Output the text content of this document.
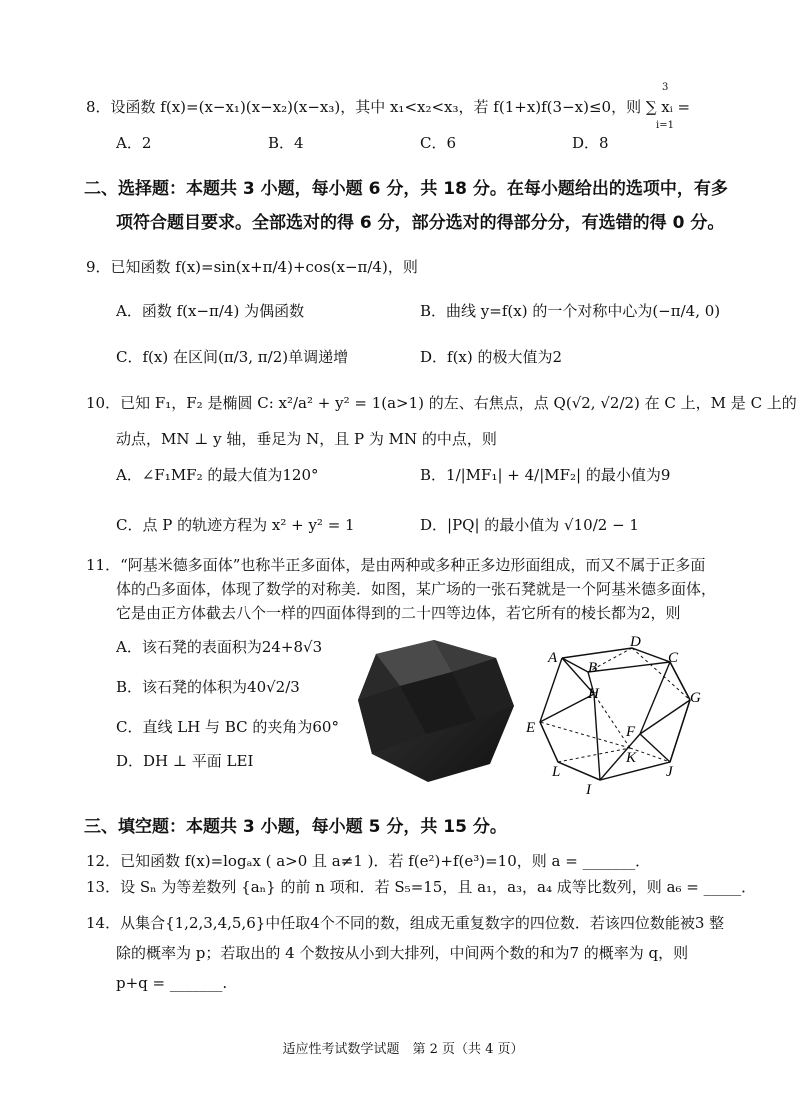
8．设函数 f(x)=(x−x₁)(x−x₂)(x−x₃)，其中 x₁<x₂<x₃，若 f(1+x)f(3−x)≤0，则 ∑ xᵢ =
3
i=1
A．2	B．4	C．6	D．8
二、选择题：本题共 3 小题，每小题 6 分，共 18 分。在每小题给出的选项中，有多
项符合题目要求。全部选对的得 6 分，部分选对的得部分分，有选错的得 0 分。
9．已知函数 f(x)=sin(x+π/4)+cos(x−π/4)，则
A．函数 f(x−π/4) 为偶函数	B．曲线 y=f(x) 的一个对称中心为(−π/4, 0)
C．f(x) 在区间(π/3, π/2)单调递增	D．f(x) 的极大值为2
10．已知 F₁，F₂ 是椭圆 C: x²/a² + y² = 1(a>1) 的左、右焦点，点 Q(√2, √2/2) 在 C 上，M 是 C 上的
动点，MN ⊥ y 轴，垂足为 N，且 P 为 MN 的中点，则
A．∠F₁MF₂ 的最大值为120°	B．1/|MF₁| + 4/|MF₂| 的最小值为9
C．点 P 的轨迹方程为 x² + y² = 1	D．|PQ| 的最小值为 √10/2 − 1
11．“阿基米德多面体”也称半正多面体，是由两种或多种正多边形面组成，而又不属于正多面
体的凸多面体，体现了数学的对称美．如图，某广场的一张石凳就是一个阿基米德多面体，
它是由正方体截去八个一样的四面体得到的二十四等边体，若它所有的棱长都为2，则
A．该石凳的表面积为24+8√3
B．该石凳的体积为40√2/3
C．直线 LH 与 BC 的夹角为60°
D．DH ⊥ 平面 LEI
A
B
C
D
E	F
G
H
I
J
K
L
三、填空题：本题共 3 小题，每小题 5 分，共 15 分。
12．已知函数 f(x)=logₐx ( a>0 且 a≠1 )．若 f(e²)+f(e³)=10，则 a = _______．
13．设 Sₙ 为等差数列 {aₙ} 的前 n 项和．若 S₅=15，且 a₁，a₃，a₄ 成等比数列，则 a₆ = _____．
14．从集合{1,2,3,4,5,6}中任取4个不同的数，组成无重复数字的四位数．若该四位数能被3 整
除的概率为 p；若取出的 4 个数按从小到大排列，中间两个数的和为7 的概率为 q，则
p+q = _______.
适应性考试数学试题　第 2 页（共 4 页）
